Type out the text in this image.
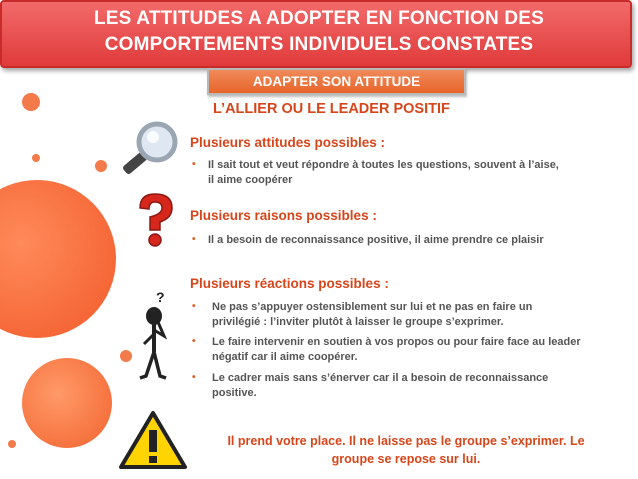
LES ATTITUDES A ADOPTER EN FONCTION DES
COMPORTEMENTS INDIVIDUELS CONSTATES
ADAPTER SON ATTITUDE
L’ALLIER OU LE LEADER POSITIF
Plusieurs attitudes possibles :
• Il sait tout et veut répondre à toutes les questions, souvent à l’aise,
il aime coopérer
Plusieurs raisons possibles :
• Il a besoin de reconnaissance positive, il aime prendre ce plaisir
?
Plusieurs réactions possibles :
• Ne pas s’appuyer ostensiblement sur lui et ne pas en faire un
privilégié : l’inviter plutôt à laisser le groupe s’exprimer.
• Le faire intervenir en soutien à vos propos ou pour faire face au leader
négatif car il aime coopérer.
• Le cadrer mais sans s’énerver car il a besoin de reconnaissance
positive.
Il prend votre place. Il ne laisse pas le groupe s’exprimer. Le
groupe se repose sur lui.
